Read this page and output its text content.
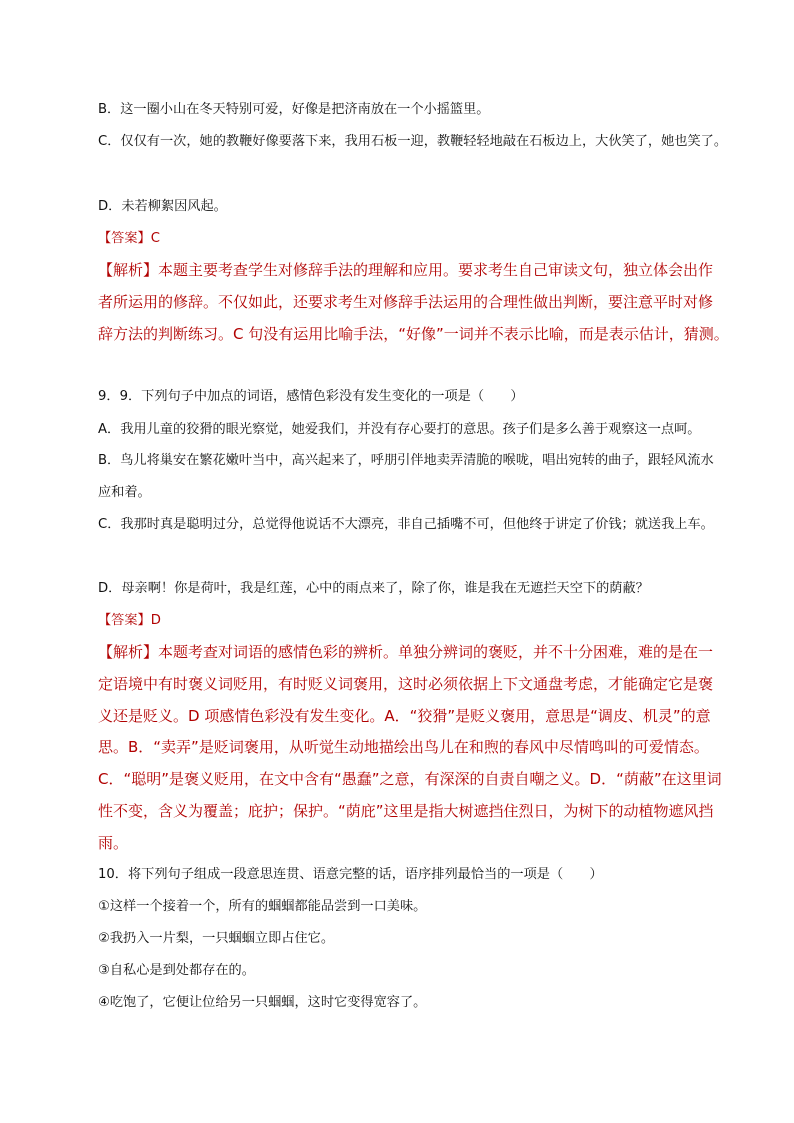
B．这一圈小山在冬天特别可爱，好像是把济南放在一个小摇篮里。
C．仅仅有一次，她的教鞭好像要落下来，我用石板一迎，教鞭轻轻地敲在石板边上，大伙笑了，她也笑了。
D．未若柳絮因风起。
【答案】C
【解析】本题主要考查学生对修辞手法的理解和应用。要求考生自己审读文句，独立体会出作
者所运用的修辞。不仅如此，还要求考生对修辞手法运用的合理性做出判断，要注意平时对修
辞方法的判断练习。C 句没有运用比喻手法，“好像”一词并不表示比喻，而是表示估计，猜测。
9．9．下列句子中加点的词语，感情色彩没有发生变化的一项是（　　）
A．我用儿童的狡猾的眼光察觉，她爱我们，并没有存心要打的意思。孩子们是多么善于观察这一点呵。
B．鸟儿将巢安在繁花嫩叶当中，高兴起来了，呼朋引伴地卖弄清脆的喉咙，唱出宛转的曲子，跟轻风流水
应和着。
C．我那时真是聪明过分，总觉得他说话不大漂亮，非自己插嘴不可，但他终于讲定了价钱；就送我上车。
D．母亲啊！你是荷叶，我是红莲，心中的雨点来了，除了你，谁是我在无遮拦天空下的荫蔽？
【答案】D
【解析】本题考查对词语的感情色彩的辨析。单独分辨词的褒贬，并不十分困难，难的是在一
定语境中有时褒义词贬用，有时贬义词褒用，这时必须依据上下文通盘考虑，才能确定它是褒
义还是贬义。D 项感情色彩没有发生变化。A．“狡猾”是贬义褒用，意思是“调皮、机灵”的意
思。B．“卖弄”是贬词褒用，从听觉生动地描绘出鸟儿在和煦的春风中尽情鸣叫的可爱情态。
C．“聪明”是褒义贬用，在文中含有“愚蠢”之意，有深深的自责自嘲之义。D．“荫蔽”在这里词
性不变，含义为覆盖；庇护；保护。“荫庇”这里是指大树遮挡住烈日，为树下的动植物遮风挡
雨。
10．将下列句子组成一段意思连贯、语意完整的话，语序排列最恰当的一项是（　　）
①这样一个接着一个，所有的蝈蝈都能品尝到一口美味。
②我扔入一片梨，一只蝈蝈立即占住它。
③自私心是到处都存在的。
④吃饱了，它便让位给另一只蝈蝈，这时它变得宽容了。
